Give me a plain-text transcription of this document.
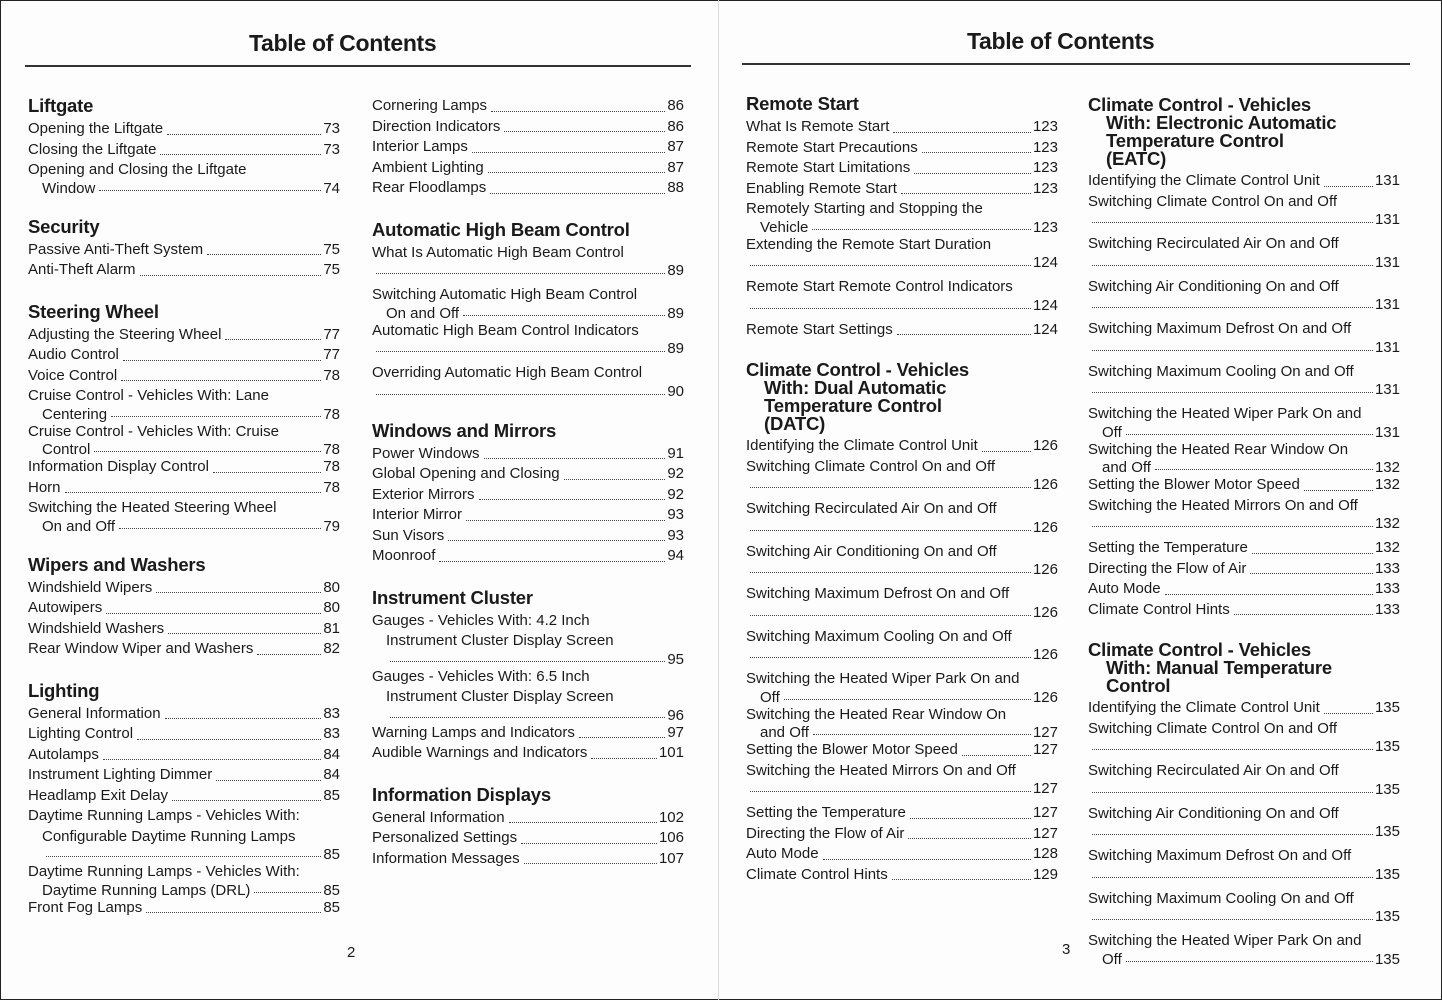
Table of Contents
Liftgate
Opening the Liftgate	73
Closing the Liftgate	73
Opening and Closing the Liftgate
Window	74
Security
Passive Anti-Theft System	75
Anti-Theft Alarm	75
Steering Wheel
Adjusting the Steering Wheel	77
Audio Control	77
Voice Control	78
Cruise Control - Vehicles With: Lane
Centering	78
Cruise Control - Vehicles With: Cruise
Control	78
Information Display Control	78
Horn	78
Switching the Heated Steering Wheel
On and Off	79
Wipers and Washers
Windshield Wipers	80
Autowipers	80
Windshield Washers	81
Rear Window Wiper and Washers	82
Lighting
General Information	83
Lighting Control	83
Autolamps	84
Instrument Lighting Dimmer	84
Headlamp Exit Delay	85
Daytime Running Lamps - Vehicles With:
Configurable Daytime Running Lamps
85
Daytime Running Lamps - Vehicles With:
Daytime Running Lamps (DRL)	85
Front Fog Lamps	85
Cornering Lamps	86
Direction Indicators	86
Interior Lamps	87
Ambient Lighting	87
Rear Floodlamps	88
Automatic High Beam Control
What Is Automatic High Beam Control
89
Switching Automatic High Beam Control
On and Off	89
Automatic High Beam Control Indicators
89
Overriding Automatic High Beam Control
90
Windows and Mirrors
Power Windows	91
Global Opening and Closing	92
Exterior Mirrors	92
Interior Mirror	93
Sun Visors	93
Moonroof	94
Instrument Cluster
Gauges - Vehicles With: 4.2 Inch
Instrument Cluster Display Screen
95
Gauges - Vehicles With: 6.5 Inch
Instrument Cluster Display Screen
96
Warning Lamps and Indicators	97
Audible Warnings and Indicators	101
Information Displays
General Information	102
Personalized Settings	106
Information Messages	107
2
Table of Contents
Remote Start
What Is Remote Start	123
Remote Start Precautions	123
Remote Start Limitations	123
Enabling Remote Start	123
Remotely Starting and Stopping the
Vehicle	123
Extending the Remote Start Duration
124
Remote Start Remote Control Indicators
124
Remote Start Settings	124
Climate Control - Vehicles
With: Dual Automatic
Temperature Control
(DATC)
Identifying the Climate Control Unit	126
Switching Climate Control On and Off
126
Switching Recirculated Air On and Off
126
Switching Air Conditioning On and Off
126
Switching Maximum Defrost On and Off
126
Switching Maximum Cooling On and Off
126
Switching the Heated Wiper Park On and
Off	126
Switching the Heated Rear Window On
and Off	127
Setting the Blower Motor Speed	127
Switching the Heated Mirrors On and Off
127
Setting the Temperature	127
Directing the Flow of Air	127
Auto Mode	128
Climate Control Hints	129
Climate Control - Vehicles
With: Electronic Automatic
Temperature Control
(EATC)
Identifying the Climate Control Unit	131
Switching Climate Control On and Off
131
Switching Recirculated Air On and Off
131
Switching Air Conditioning On and Off
131
Switching Maximum Defrost On and Off
131
Switching Maximum Cooling On and Off
131
Switching the Heated Wiper Park On and
Off	131
Switching the Heated Rear Window On
and Off	132
Setting the Blower Motor Speed	132
Switching the Heated Mirrors On and Off
132
Setting the Temperature	132
Directing the Flow of Air	133
Auto Mode	133
Climate Control Hints	133
Climate Control - Vehicles
With: Manual Temperature
Control
Identifying the Climate Control Unit	135
Switching Climate Control On and Off
135
Switching Recirculated Air On and Off
135
Switching Air Conditioning On and Off
135
Switching Maximum Defrost On and Off
135
Switching Maximum Cooling On and Off
135
Switching the Heated Wiper Park On and
Off	135
3
